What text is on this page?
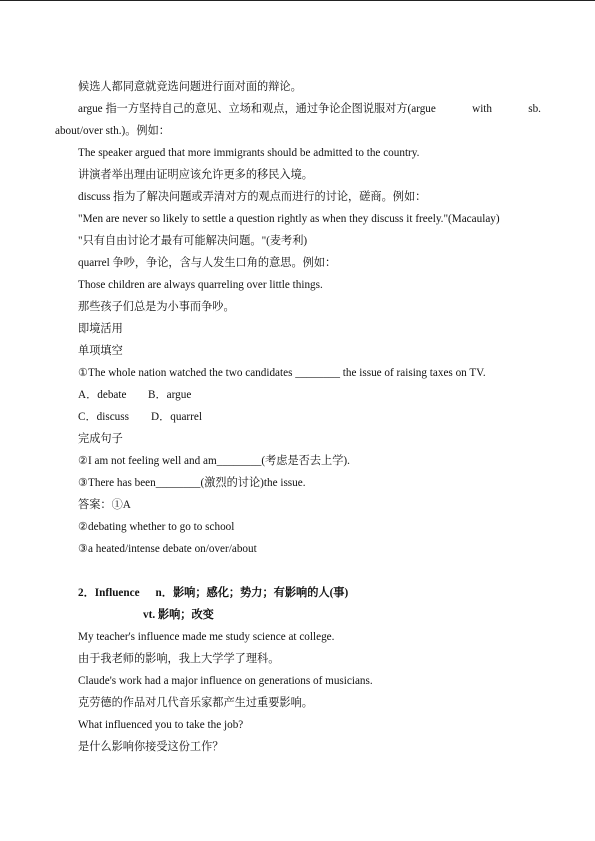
候选人都同意就竞选问题进行面对面的辩论。
argue 指一方坚持自己的意见、立场和观点，通过争论企图说服对方(argue	with	sb.
about/over sth.)。例如：
The speaker argued that more immigrants should be admitted to the country.
讲演者举出理由证明应该允许更多的移民入境。
discuss 指为了解决问题或弄清对方的观点而进行的讨论，磋商。例如：
"Men are never so likely to settle a question rightly as when they discuss it freely."(Macaulay)
"只有自由讨论才最有可能解决问题。"(麦考利)
quarrel 争吵，争论，含与人发生口角的意思。例如：
Those children are always quarreling over little things.
那些孩子们总是为小事而争吵。
即境活用
单项填空
①The whole nation watched the two candidates ________ the issue of raising taxes on TV.
A．debate B．argue
C．discuss D．quarrel
完成句子
②I am not feeling well and am________(考虑是否去上学).
③There has been________(激烈的讨论)the issue.
答案：①A
②debating whether to go to school
③a heated/intense debate on/over/about
2．Influence n．影响；感化；势力；有影响的人(事)
vt. 影响；改变
My teacher's influence made me study science at college.
由于我老师的影响，我上大学学了理科。
Claude's work had a major influence on generations of musicians.
克劳德的作品对几代音乐家都产生过重要影响。
What influenced you to take the job?
是什么影响你接受这份工作？
